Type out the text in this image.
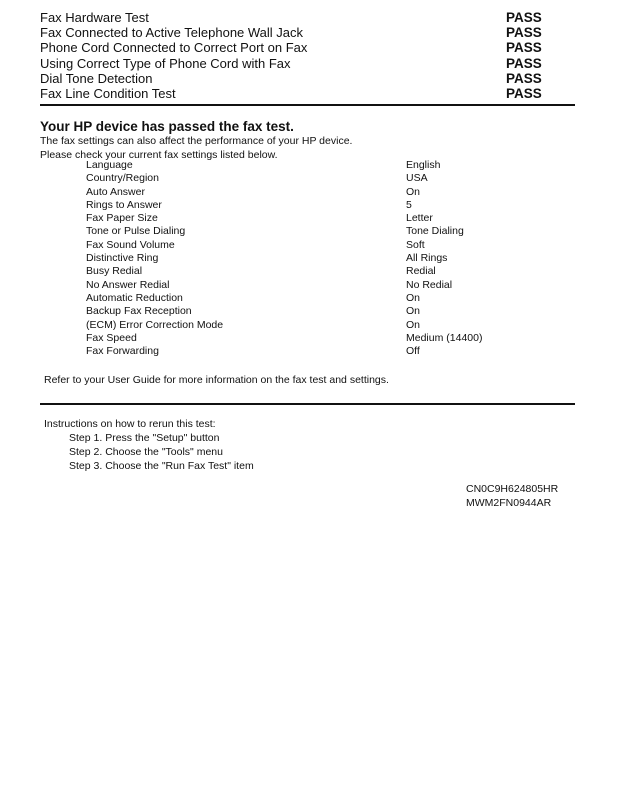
Fax Hardware Test	PASS
Fax Connected to Active Telephone Wall Jack	PASS
Phone Cord Connected to Correct Port on Fax	PASS
Using Correct Type of Phone Cord with Fax	PASS
Dial Tone Detection	PASS
Fax Line Condition Test	PASS
Your HP device has passed the fax test.

The fax settings can also affect the performance of your HP device.

Please check your current fax settings listed below.

Language	English
Country/Region	USA
Auto Answer	On
Rings to Answer	5
Fax Paper Size	Letter
Tone or Pulse Dialing	Tone Dialing
Fax Sound Volume	Soft
Distinctive Ring	All Rings
Busy Redial	Redial
No Answer Redial	No Redial
Automatic Reduction	On
Backup Fax Reception	On
(ECM) Error Correction Mode	On
Fax Speed	Medium (14400)
Fax Forwarding	Off

Refer to your User Guide for more information on the fax test and settings.

Instructions on how to rerun this test:
Step 1. Press the "Setup" button
Step 2. Choose the "Tools" menu
Step 3. Choose the "Run Fax Test" item
CN0C9H624805HR
MWM2FN0944AR
